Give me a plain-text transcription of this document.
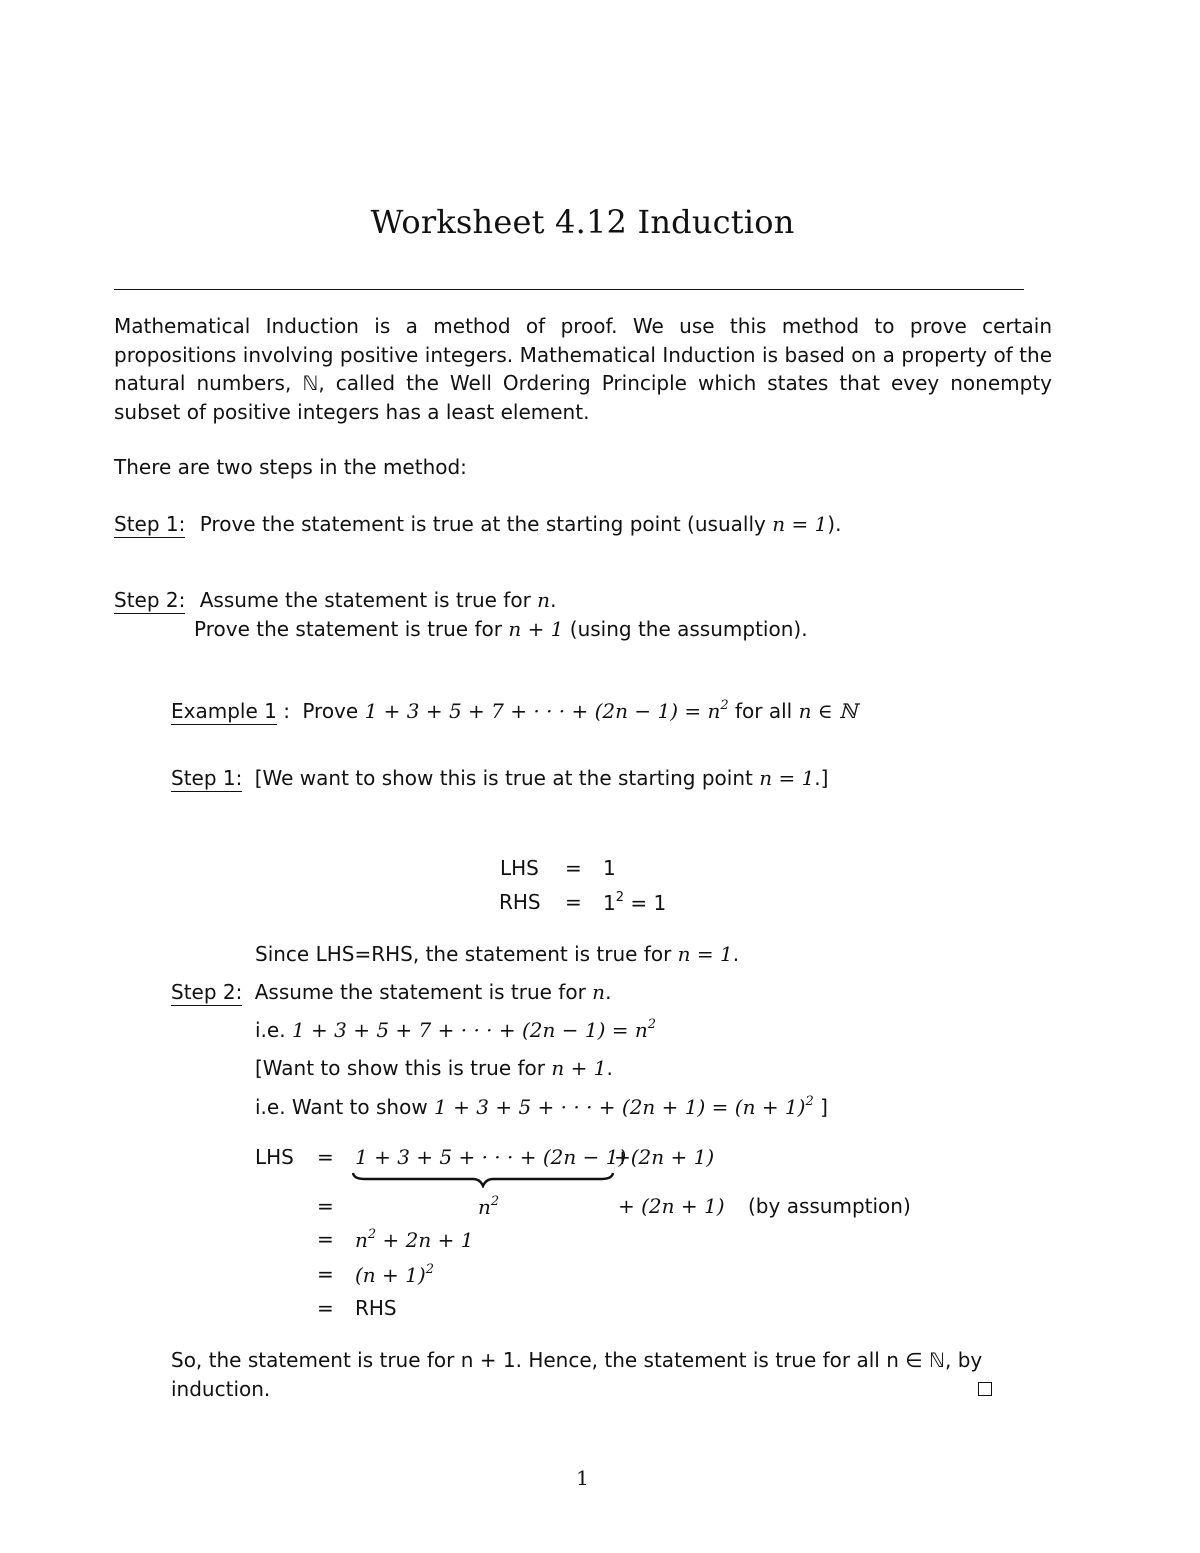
Worksheet 4.12 Induction
Mathematical Induction is a method of proof. We use this method to prove certain propositions involving positive integers. Mathematical Induction is based on a property of the natural numbers, ℕ, called the Well Ordering Principle which states that evey nonempty subset of positive integers has a least element.
There are two steps in the method:
Step 1: Prove the statement is true at the starting point (usually n = 1).
Step 2: Assume the statement is true for n.
Prove the statement is true for n + 1 (using the assumption).
Example 1 : Prove 1 + 3 + 5 + 7 + · · · + $(2n - 1) = n^2$ for all n ∈ ℕ
Step 1: [We want to show this is true at the starting point n = 1.]
LHS = 1
RHS = $1^2 = 1$
Since LHS=RHS, the statement is true for n = 1.
Step 2: Assume the statement is true for n.
i.e. 1 + 3 + 5 + 7 + · · · + $(2n - 1) = n^2$
[Want to show this is true for n + 1.
i.e. Want to show 1 + 3 + 5 + · · · + $(2n + 1) = (n + 1)^2$ ]
LHS = 1 + 3 + 5 + · · · + (2n − 1)
+(2n + 1)
=	$n^2$	+ (2n + 1) (by assumption)
= $n^2 + 2n + 1$
= $(n + 1)^2$
= RHS
So, the statement is true for n + 1. Hence, the statement is true for all n ∈ ℕ, by
induction.
1
